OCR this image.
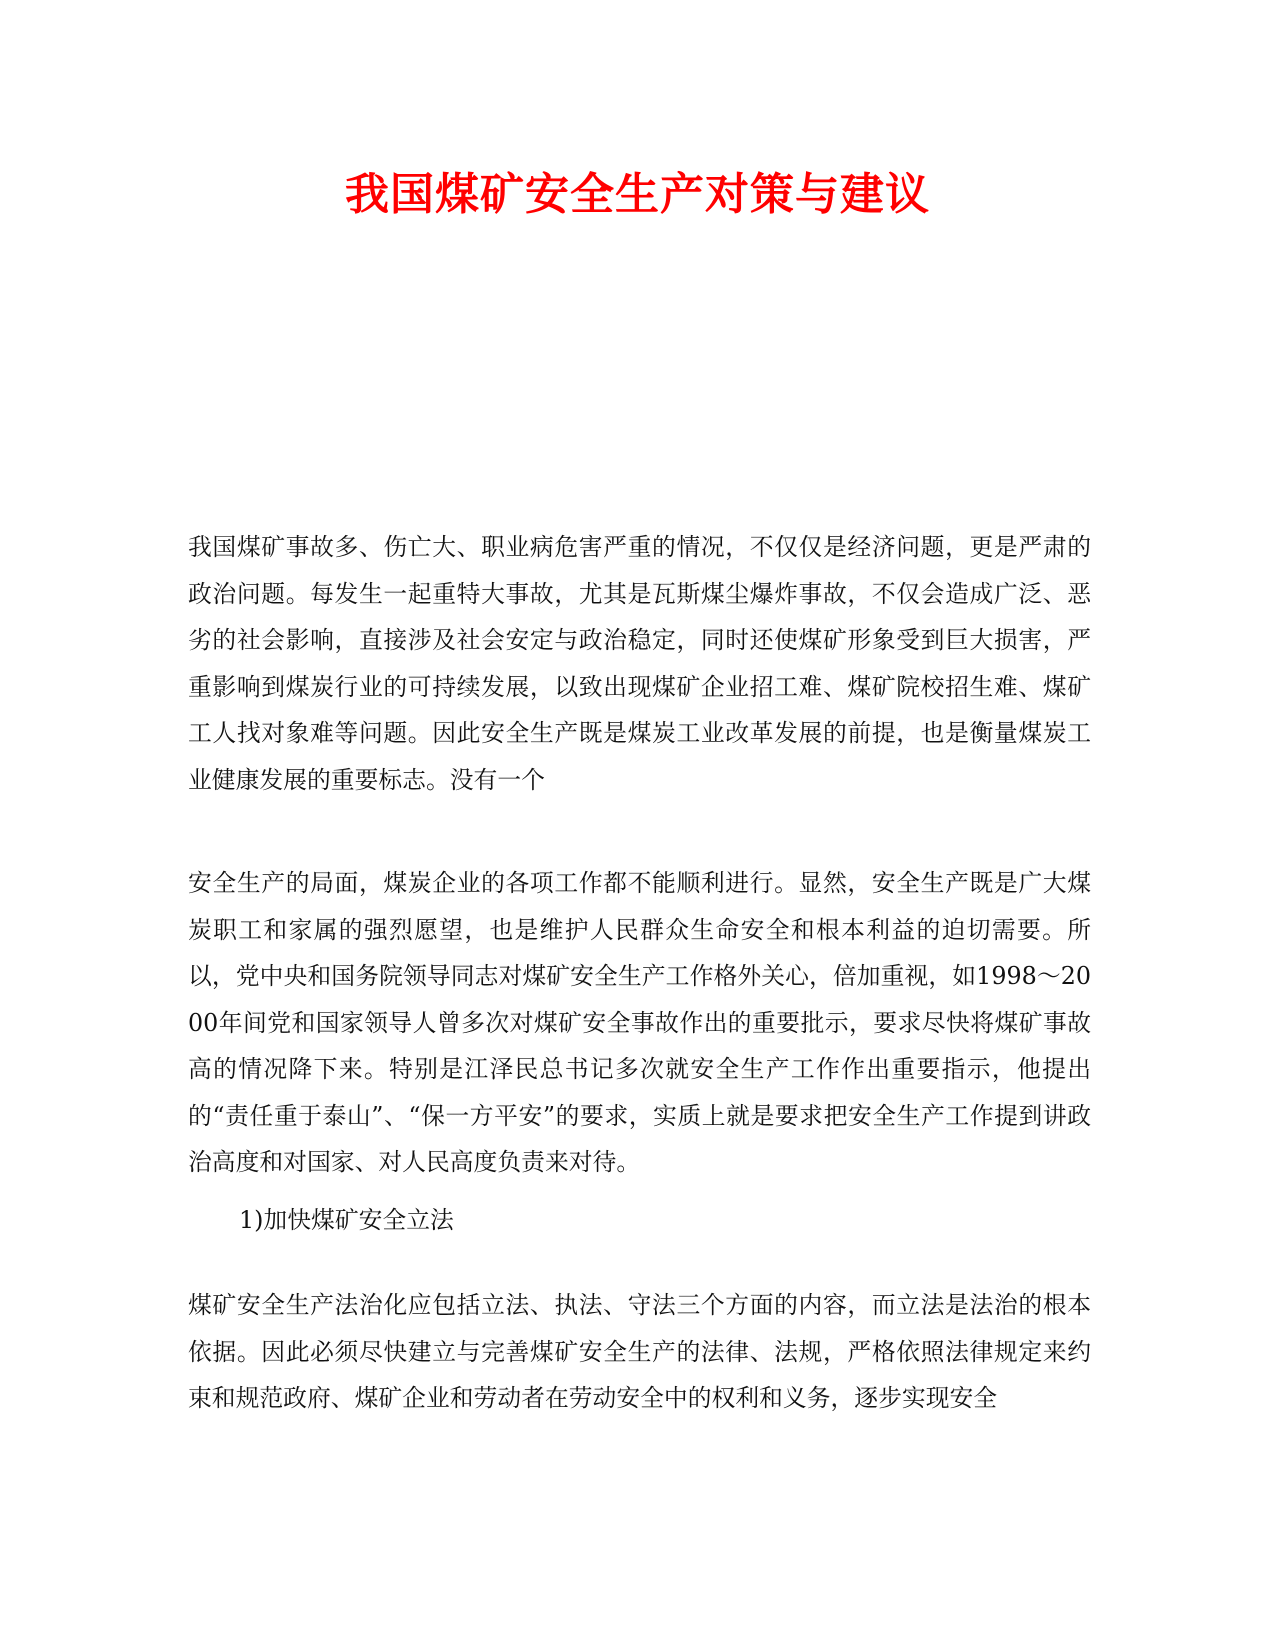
我国煤矿安全生产对策与建议

我国煤矿事故多、伤亡大、职业病危害严重的情况，不仅仅是经济问题，更是严肃的政治问题。每发生一起重特大事故，尤其是瓦斯煤尘爆炸事故，不仅会造成广泛、恶劣的社会影响，直接涉及社会安定与政治稳定，同时还使煤矿形象受到巨大损害，严重影响到煤炭行业的可持续发展，以致出现煤矿企业招工难、煤矿院校招生难、煤矿工人找对象难等问题。因此安全生产既是煤炭工业改革发展的前提，也是衡量煤炭工业健康发展的重要标志。没有一个

安全生产的局面，煤炭企业的各项工作都不能顺利进行。显然，安全生产既是广大煤炭职工和家属的强烈愿望，也是维护人民群众生命安全和根本利益的迫切需要。所以，党中央和国务院领导同志对煤矿安全生产工作格外关心，倍加重视，如1998～2000年间党和国家领导人曾多次对煤矿安全事故作出的重要批示，要求尽快将煤矿事故高的情况降下来。特别是江泽民总书记多次就安全生产工作作出重要指示，他提出的“责任重于泰山”、“保一方平安”的要求，实质上就是要求把安全生产工作提到讲政治高度和对国家、对人民高度负责来对待。

1)加快煤矿安全立法

煤矿安全生产法治化应包括立法、执法、守法三个方面的内容，而立法是法治的根本依据。因此必须尽快建立与完善煤矿安全生产的法律、法规，严格依照法律规定来约束和规范政府、煤矿企业和劳动者在劳动安全中的权利和义务，逐步实现安全
